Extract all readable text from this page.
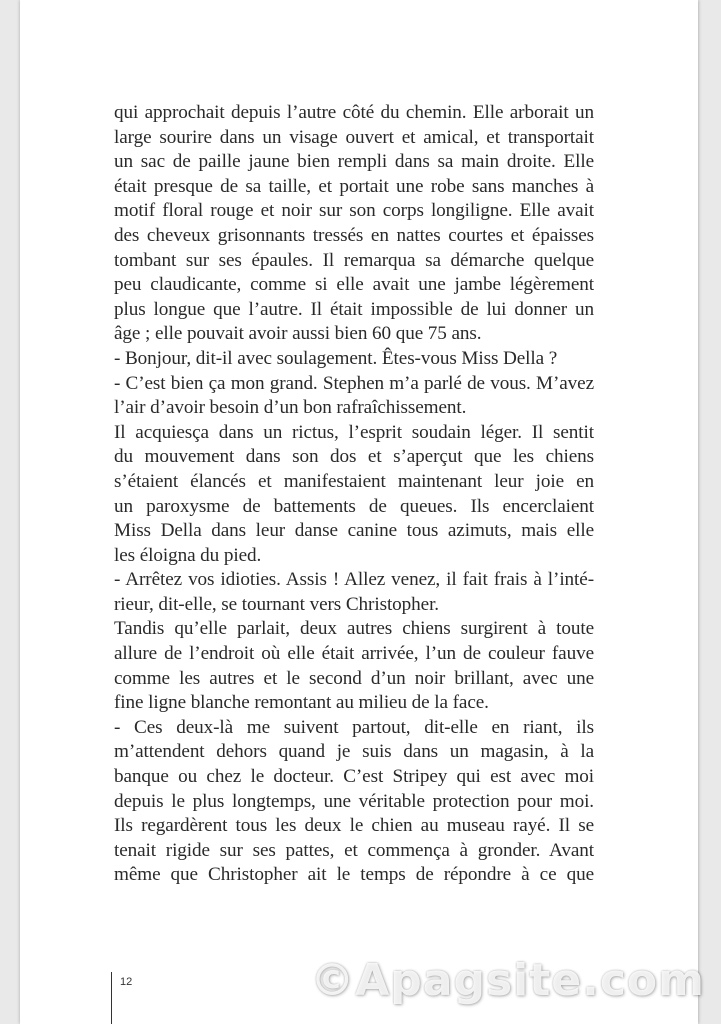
qui approchait depuis l’autre côté du chemin. Elle arborait un
large sourire dans un visage ouvert et amical, et transportait
un sac de paille jaune bien rempli dans sa main droite. Elle
était presque de sa taille, et portait une robe sans manches à
motif floral rouge et noir sur son corps longiligne. Elle avait
des cheveux grisonnants tressés en nattes courtes et épaisses
tombant sur ses épaules. Il remarqua sa démarche quelque
peu claudicante, comme si elle avait une jambe légèrement
plus longue que l’autre. Il était impossible de lui donner un
âge ; elle pouvait avoir aussi bien 60 que 75 ans.
- Bonjour, dit-il avec soulagement. Êtes-vous Miss Della ?
- C’est bien ça mon grand. Stephen m’a parlé de vous. M’avez
l’air d’avoir besoin d’un bon rafraîchissement.
Il acquiesça dans un rictus, l’esprit soudain léger. Il sentit
du mouvement dans son dos et s’aperçut que les chiens
s’étaient élancés et manifestaient maintenant leur joie en
un paroxysme de battements de queues. Ils encerclaient
Miss Della dans leur danse canine tous azimuts, mais elle
les éloigna du pied.
- Arrêtez vos idioties. Assis ! Allez venez, il fait frais à l’inté-
rieur, dit-elle, se tournant vers Christopher.
Tandis qu’elle parlait, deux autres chiens surgirent à toute
allure de l’endroit où elle était arrivée, l’un de couleur fauve
comme les autres et le second d’un noir brillant, avec une
fine ligne blanche remontant au milieu de la face.
- Ces deux-là me suivent partout, dit-elle en riant, ils
m’attendent dehors quand je suis dans un magasin, à la
banque ou chez le docteur. C’est Stripey qui est avec moi
depuis le plus longtemps, une véritable protection pour moi.
Ils regardèrent tous les deux le chien au museau rayé. Il se
tenait rigide sur ses pattes, et commença à gronder. Avant
même que Christopher ait le temps de répondre à ce que
12	©Apagsite.com
